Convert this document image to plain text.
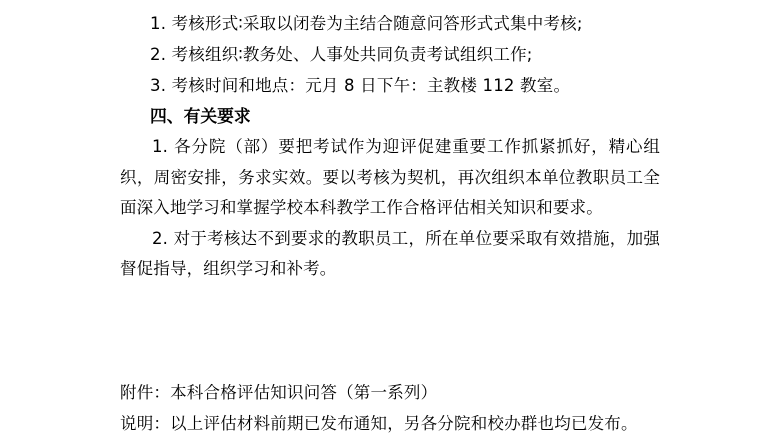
1. 考核形式∶采取以闭卷为主结合随意问答形式式集中考核;
2. 考核组织∶教务处、人事处共同负责考试组织工作;
3. 考核时间和地点：元月 8 日下午：主教楼 112 教室。
四、有关要求
1. 各分院（部）要把考试作为迎评促建重要工作抓紧抓好，精心组织，周密安排，务求实效。要以考核为契机，再次组织本单位教职员工全面深入地学习和掌握学校本科教学工作合格评估相关知识和要求。
2. 对于考核达不到要求的教职员工，所在单位要采取有效措施，加强督促指导，组织学习和补考。
附件：本科合格评估知识问答（第一系列）
说明：以上评估材料前期已发布通知，另各分院和校办群也均已发布。
